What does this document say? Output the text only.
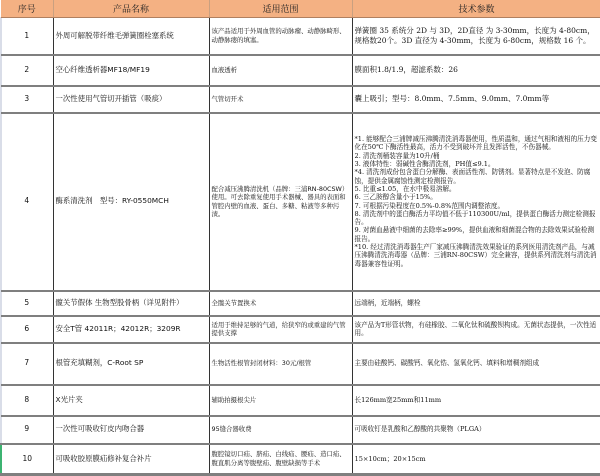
序号	产品名称	适用范围	技术参数
1	外周可解脱带纤维毛弹簧圈栓塞系统	该产品适用于外周血管的动脉瘤、动静脉畸形、动静脉瘘的填塞。	弹簧圈 35 系统分 2D 与 3D，2D直径 为 3-30mm，长度为 4-80cm，规格数20个。3D 直径为 4-30mm，长度为 6-80cm，规格数 16 个。
2	空心纤维透析器MF18/MF19	血液透析	膜面积1.8/1.9，超滤系数：26
3	一次性使用气管切开插管（吸痰）	气管切开术	囊上吸引；型号：8.0mm、7.5mm、9.0mm、7.0mm等
4	酶系清洗剂　型号：RY-0550MCH	配合减压沸腾清洗机（品牌：三浦RN-80CSW）使用。可去除重复使用手术器械、器具的表面和管腔内壁的血液、蛋白、多糖、粘液等多种污渍。	
*1. 能够配合三浦牌减压沸腾清洗消毒器使用，性质温和，通过气相和液相的压力变化在50℃下酶活性最高，活力不受到破坏并且发挥活性，不伤器械。
2. 清洗剂桶装容量为10升/桶
3. 液体特性：弱碱性含酶清洗剂，PH值≤9.1。
*4. 清洗剂成份包含蛋白分解酶、表面活性剂、防锈剂。显著特点是不发泡、防腐蚀，提供金属腐蚀性测定检测报告。
5. 比重≤1.05，在水中极易溶解。
6. 三乙胺醇含量小于15%。
7. 可根据污染程度在0.5%-0.8%范围内调整浓度。
8. 清洗剂中的蛋白酶活力平均值不低于110300U/ml，提供蛋白酶活力测定检测报告。
9. 对菌血悬液中细菌的去除率≥99%，提供血液和细菌混合物的去除效果试验检测报告。
*10. 经过清洗消毒器生产厂家减压沸腾清洗效果验证的系列医用清洗剂产品，与减压沸腾清洗消毒器（品牌：三浦RN-80CSW）完全兼容，提供系列清洗剂与清洗消毒器兼容性证明。

5	髋关节假体 生物型股骨柄（详见附件）	全髋关节置换术	远端柄，近端柄，螺栓
6	安全T管 42011R；42012R；3209R	适用于维持足够的气道，给狭窄的或重建的气管提供支撑	该产品为T形管状物，有硅橡胶、二氧化钛和硫酸钡构成。无菌状态提供，一次性适用。
7	根管充填糊剂，C-Root SP	生物活性根管封闭材料：30元/根管	主要由硅酸钙、碳酸钙、氧化锆、氢氧化钙、填料和增稠剂组成
8	X光片夹	辅助拍摄根尖片	长126mm宽25mm和11mm
9	一次性可吸收钉皮内吻合器	95缝合器收费	可吸收钉是乳酸和乙醇酸的共聚物（PLGA）
10	可吸收胶原膜疝修补复合补片	腹腔镜切口疝、脐疝、白线疝、腰疝、造口疝、腹直肌分离等腹壁疝、腹壁缺损等手术	15×10cm；20×15cm
